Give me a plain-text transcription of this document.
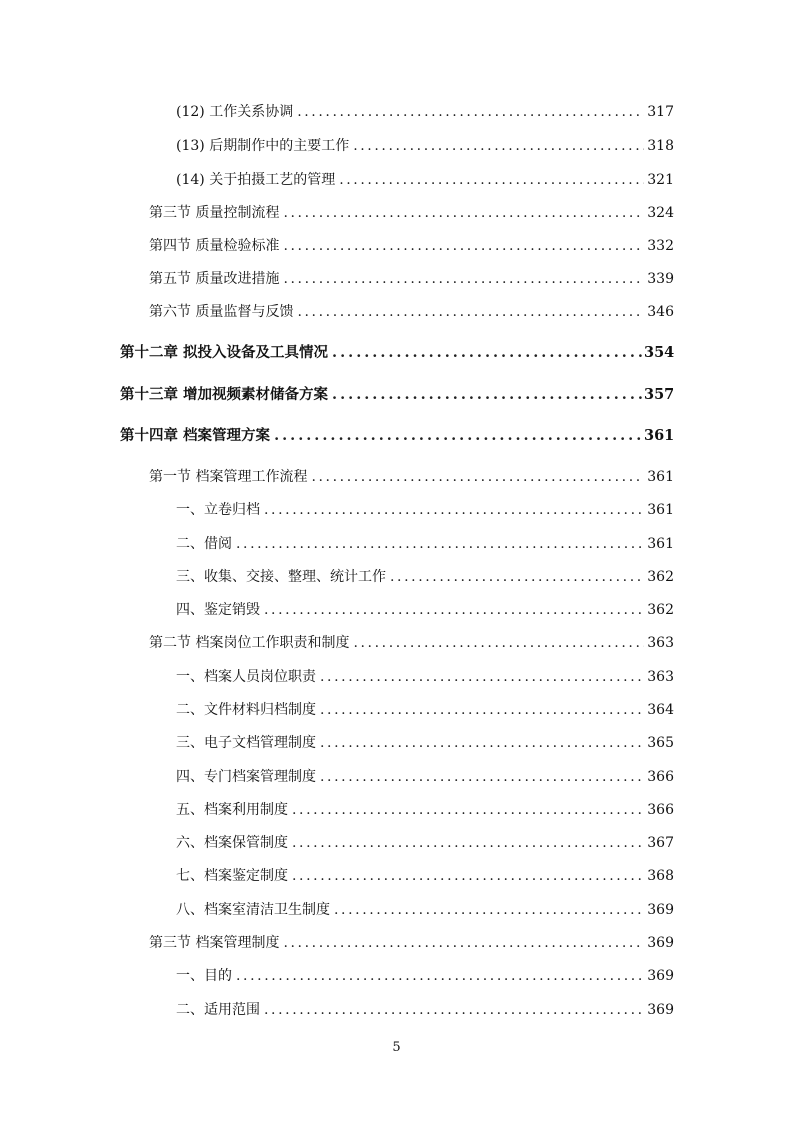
(12) 工作关系协调 .....	317
(13) 后期制作中的主要工作 .....	318
(14) 关于拍摄工艺的管理 .....	321
第三节 质量控制流程 .....	324
第四节 质量检验标准 .....	332
第五节 质量改进措施 .....	339
第六节 质量监督与反馈 .....	346
第十二章 拟投入设备及工具情况 .....	354
第十三章 增加视频素材储备方案 .....	357
第十四章 档案管理方案 .....	361
第一节 档案管理工作流程 .....	361
一、立卷归档 .....	361
二、借阅 .....	361
三、收集、交接、整理、统计工作 .....	362
四、鉴定销毁 .....	362
第二节 档案岗位工作职责和制度 .....	363
一、档案人员岗位职责 .....	363
二、文件材料归档制度 .....	364
三、电子文档管理制度 .....	365
四、专门档案管理制度 .....	366
五、档案利用制度 .....	366
六、档案保管制度 .....	367
七、档案鉴定制度 .....	368
八、档案室清洁卫生制度 .....	369
第三节 档案管理制度 .....	369
一、目的 .....	369
二、适用范围 .....	369
5
